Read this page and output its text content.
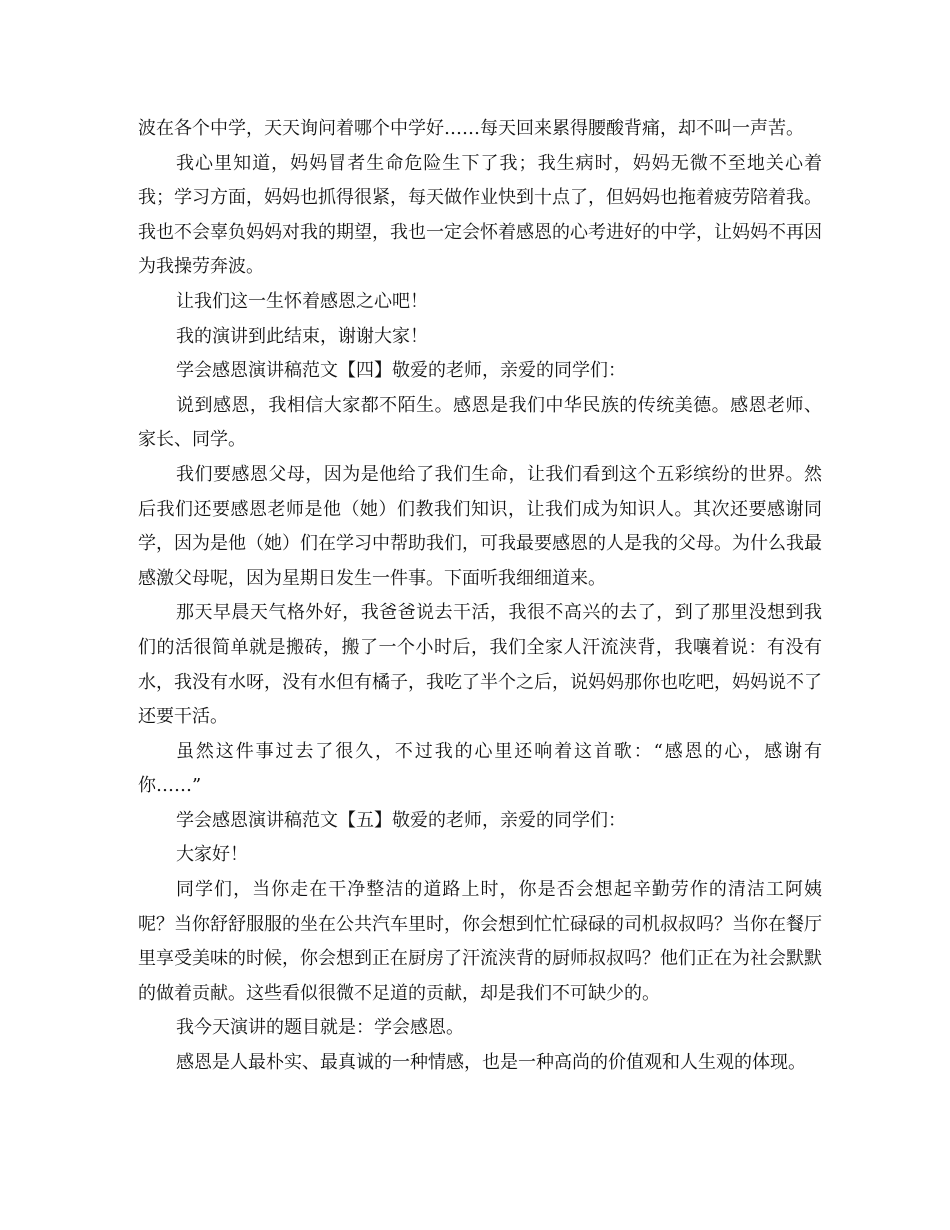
波在各个中学，天天询问着哪个中学好……每天回来累得腰酸背痛，却不叫一声苦。

我心里知道，妈妈冒者生命危险生下了我；我生病时，妈妈无微不至地关心着我；学习方面，妈妈也抓得很紧，每天做作业快到十点了，但妈妈也拖着疲劳陪着我。我也不会辜负妈妈对我的期望，我也一定会怀着感恩的心考进好的中学，让妈妈不再因为我操劳奔波。

让我们这一生怀着感恩之心吧！

我的演讲到此结束，谢谢大家！

学会感恩演讲稿范文【四】敬爱的老师，亲爱的同学们：

说到感恩，我相信大家都不陌生。感恩是我们中华民族的传统美德。感恩老师、家长、同学。

我们要感恩父母，因为是他给了我们生命，让我们看到这个五彩缤纷的世界。然后我们还要感恩老师是他（她）们教我们知识，让我们成为知识人。其次还要感谢同学，因为是他（她）们在学习中帮助我们，可我最要感恩的人是我的父母。为什么我最感激父母呢，因为星期日发生一件事。下面听我细细道来。

那天早晨天气格外好，我爸爸说去干活，我很不高兴的去了，到了那里没想到我们的活很简单就是搬砖，搬了一个小时后，我们全家人汗流浃背，我嚷着说：有没有水，我没有水呀，没有水但有橘子，我吃了半个之后，说妈妈那你也吃吧，妈妈说不了还要干活。

虽然这件事过去了很久，不过我的心里还响着这首歌：“感恩的心，感谢有你……”

学会感恩演讲稿范文【五】敬爱的老师，亲爱的同学们：

大家好！

同学们，当你走在干净整洁的道路上时，你是否会想起辛勤劳作的清洁工阿姨呢？当你舒舒服服的坐在公共汽车里时，你会想到忙忙碌碌的司机叔叔吗？当你在餐厅里享受美味的时候，你会想到正在厨房了汗流浃背的厨师叔叔吗？他们正在为社会默默的做着贡献。这些看似很微不足道的贡献，却是我们不可缺少的。

我今天演讲的题目就是：学会感恩。

感恩是人最朴实、最真诚的一种情感，也是一种高尚的价值观和人生观的体现。
